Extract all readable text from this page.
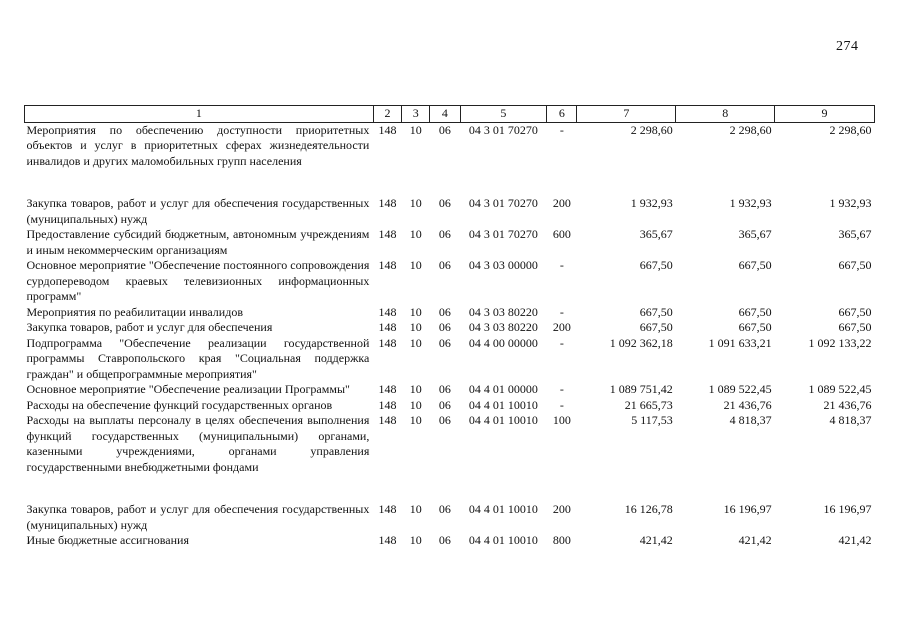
274
1	2	3	4	5	6	7	8	9
Мероприятия по обеспечению доступности приоритетных объектов и услуг в приоритетных сферах жизнедеятельности инвалидов и других маломобильных групп населения	148	10	06	04 3 01 70270	-	2 298,60	2 298,60	2 298,60

Закупка товаров, работ и услуг для обеспечения государственных (муниципальных) нужд	148	10	06	04 3 01 70270	200	1 932,93	1 932,93	1 932,93
Предоставление субсидий бюджетным, автономным учреждениям и иным некоммерческим организациям	148	10	06	04 3 01 70270	600	365,67	365,67	365,67
Основное мероприятие "Обеспечение постоянного сопровождения сурдопереводом краевых телевизионных информационных программ"	148	10	06	04 3 03 00000	-	667,50	667,50	667,50
Мероприятия по реабилитации инвалидов	148	10	06	04 3 03 80220	-	667,50	667,50	667,50
Закупка товаров, работ и услуг для обеспечения	148	10	06	04 3 03 80220	200	667,50	667,50	667,50
Подпрограмма "Обеспечение реализации государственной программы Ставропольского края "Социальная поддержка граждан" и общепрограммные мероприятия"	148	10	06	04 4 00 00000	-	1 092 362,18	1 091 633,21	1 092 133,22
Основное мероприятие "Обеспечение реализации Программы"	148	10	06	04 4 01 00000	-	1 089 751,42	1 089 522,45	1 089 522,45
Расходы на обеспечение функций государственных органов	148	10	06	04 4 01 10010	-	21 665,73	21 436,76	21 436,76
Расходы на выплаты персоналу в целях обеспечения выполнения функций государственных (муниципальными) органами, казенными учреждениями, органами управления государственными внебюджетными фондами	148	10	06	04 4 01 10010	100	5 117,53	4 818,37	4 818,37

Закупка товаров, работ и услуг для обеспечения государственных (муниципальных) нужд	148	10	06	04 4 01 10010	200	16 126,78	16 196,97	16 196,97
Иные бюджетные ассигнования	148	10	06	04 4 01 10010	800	421,42	421,42	421,42
